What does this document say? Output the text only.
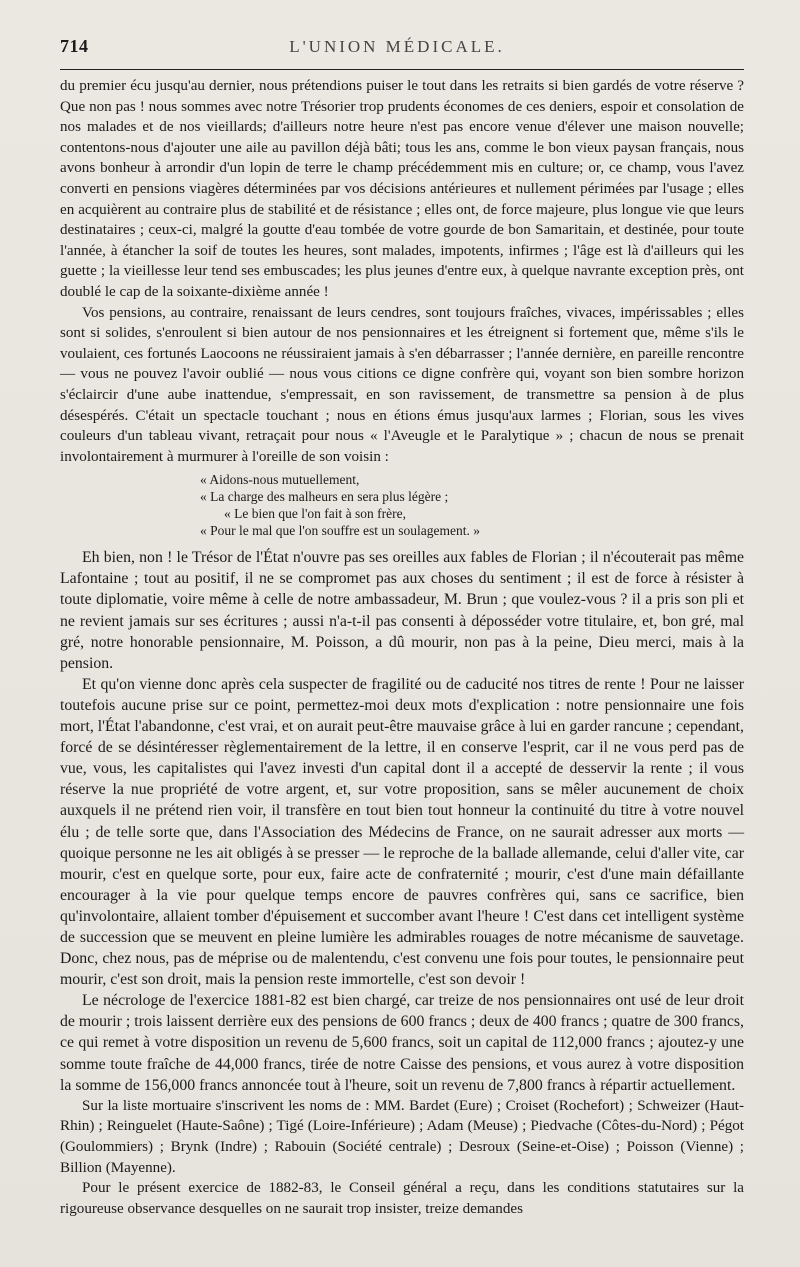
714	L'UNION MÉDICALE.

du premier écu jusqu'au dernier, nous prétendions puiser le tout dans les retraits si bien gardés de votre réserve ? Que non pas ! nous sommes avec notre Trésorier trop prudents économes de ces deniers, espoir et consolation de nos malades et de nos vieillards; d'ailleurs notre heure n'est pas encore venue d'élever une maison nouvelle; contentons-nous d'ajouter une aile au pavillon déjà bâti; tous les ans, comme le bon vieux paysan français, nous avons bonheur à arrondir d'un lopin de terre le champ précédemment mis en culture; or, ce champ, vous l'avez converti en pensions viagères déterminées par vos décisions antérieures et nullement périmées par l'usage ; elles en acquièrent au contraire plus de stabilité et de résistance ; elles ont, de force majeure, plus longue vie que leurs destinataires ; ceux-ci, malgré la goutte d'eau tombée de votre gourde de bon Samaritain, et destinée, pour toute l'année, à étancher la soif de toutes les heures, sont malades, impotents, infirmes ; l'âge est là d'ailleurs qui les guette ; la vieillesse leur tend ses embuscades; les plus jeunes d'entre eux, à quelque navrante exception près, ont doublé le cap de la soixante-dixième année !

Vos pensions, au contraire, renaissant de leurs cendres, sont toujours fraîches, vivaces, impérissables ; elles sont si solides, s'enroulent si bien autour de nos pensionnaires et les étreignent si fortement que, même s'ils le voulaient, ces fortunés Laocoons ne réussiraient jamais à s'en débarrasser ; l'année dernière, en pareille rencontre — vous ne pouvez l'avoir oublié — nous vous citions ce digne confrère qui, voyant son bien sombre horizon s'éclaircir d'une aube inattendue, s'empressait, en son ravissement, de transmettre sa pension à de plus désespérés. C'était un spectacle touchant ; nous en étions émus jusqu'aux larmes ; Florian, sous les vives couleurs d'un tableau vivant, retraçait pour nous « l'Aveugle et le Paralytique » ; chacun de nous se prenait involontairement à murmurer à l'oreille de son voisin :

« Aidons-nous mutuellement,
« La charge des malheurs en sera plus légère ;
« Le bien que l'on fait à son frère,
« Pour le mal que l'on souffre est un soulagement. »

Eh bien, non ! le Trésor de l'État n'ouvre pas ses oreilles aux fables de Florian ; il n'écouterait pas même Lafontaine ; tout au positif, il ne se compromet pas aux choses du sentiment ; il est de force à résister à toute diplomatie, voire même à celle de notre ambassadeur, M. Brun ; que voulez-vous ? il a pris son pli et ne revient jamais sur ses écritures ; aussi n'a-t-il pas consenti à déposséder votre titulaire, et, bon gré, mal gré, notre honorable pensionnaire, M. Poisson, a dû mourir, non pas à la peine, Dieu merci, mais à la pension.

Et qu'on vienne donc après cela suspecter de fragilité ou de caducité nos titres de rente ! Pour ne laisser toutefois aucune prise sur ce point, permettez-moi deux mots d'explication : notre pensionnaire une fois mort, l'État l'abandonne, c'est vrai, et on aurait peut-être mauvaise grâce à lui en garder rancune ; cependant, forcé de se désintéresser règlementairement de la lettre, il en conserve l'esprit, car il ne vous perd pas de vue, vous, les capitalistes qui l'avez investi d'un capital dont il a accepté de desservir la rente ; il vous réserve la nue propriété de votre argent, et, sur votre proposition, sans se mêler aucunement de choix auxquels il ne prétend rien voir, il transfère en tout bien tout honneur la continuité du titre à votre nouvel élu ; de telle sorte que, dans l'Association des Médecins de France, on ne saurait adresser aux morts — quoique personne ne les ait obligés à se presser — le reproche de la ballade allemande, celui d'aller vite, car mourir, c'est en quelque sorte, pour eux, faire acte de confraternité ; mourir, c'est d'une main défaillante encourager à la vie pour quelque temps encore de pauvres confrères qui, sans ce sacrifice, bien qu'involontaire, allaient tomber d'épuisement et succomber avant l'heure ! C'est dans cet intelligent système de succession que se meuvent en pleine lumière les admirables rouages de notre mécanisme de sauvetage. Donc, chez nous, pas de méprise ou de malentendu, c'est convenu une fois pour toutes, le pensionnaire peut mourir, c'est son droit, mais la pension reste immortelle, c'est son devoir !

Le nécrologe de l'exercice 1881-82 est bien chargé, car treize de nos pensionnaires ont usé de leur droit de mourir ; trois laissent derrière eux des pensions de 600 francs ; deux de 400 francs ; quatre de 300 francs, ce qui remet à votre disposition un revenu de 5,600 francs, soit un capital de 112,000 francs ; ajoutez-y une somme toute fraîche de 44,000 francs, tirée de notre Caisse des pensions, et vous aurez à votre disposition la somme de 156,000 francs annoncée tout à l'heure, soit un revenu de 7,800 francs à répartir actuellement.

Sur la liste mortuaire s'inscrivent les noms de : MM. Bardet (Eure) ; Croiset (Rochefort) ; Schweizer (Haut-Rhin) ; Reinguelet (Haute-Saône) ; Tigé (Loire-Inférieure) ; Adam (Meuse) ; Piedvache (Côtes-du-Nord) ; Pégot (Goulommiers) ; Brynk (Indre) ; Rabouin (Société centrale) ; Desroux (Seine-et-Oise) ; Poisson (Vienne) ; Billion (Mayenne).

Pour le présent exercice de 1882-83, le Conseil général a reçu, dans les conditions statutaires sur la rigoureuse observance desquelles on ne saurait trop insister, treize demandes
